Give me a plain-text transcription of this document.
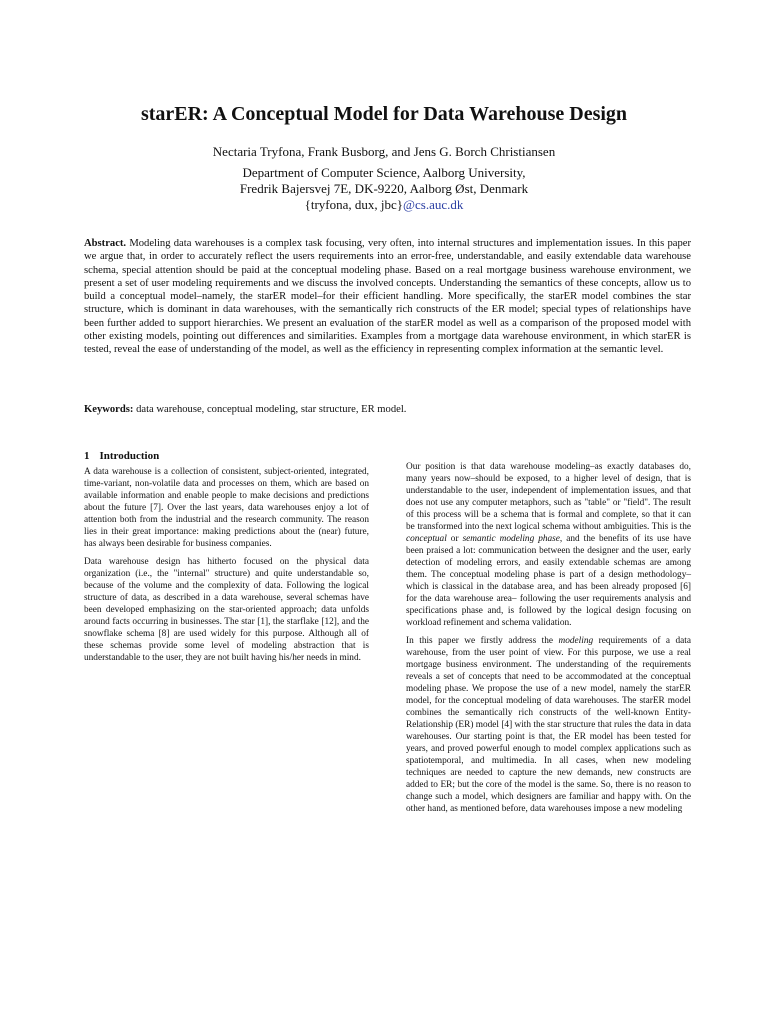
starER: A Conceptual Model for Data Warehouse Design
Nectaria Tryfona, Frank Busborg, and Jens G. Borch Christiansen
Department of Computer Science, Aalborg University,
Fredrik Bajersvej 7E, DK-9220, Aalborg Øst, Denmark
{tryfona, dux, jbc}@cs.auc.dk
Abstract. Modeling data warehouses is a complex task focusing, very often, into internal structures and implementation issues. In this paper we argue that, in order to accurately reflect the users requirements into an error-free, understandable, and easily extendable data warehouse schema, special attention should be paid at the conceptual modeling phase. Based on a real mortgage business warehouse environment, we present a set of user modeling requirements and we discuss the involved concepts. Understanding the semantics of these concepts, allow us to build a conceptual model–namely, the starER model–for their efficient handling. More specifically, the starER model combines the star structure, which is dominant in data warehouses, with the semantically rich constructs of the ER model; special types of relationships have been further added to support hierarchies. We present an evaluation of the starER model as well as a comparison of the proposed model with other existing models, pointing out differences and similarities. Examples from a mortgage data warehouse environment, in which starER is tested, reveal the ease of understanding of the model, as well as the efficiency in representing complex information at the semantic level.
Keywords: data warehouse, conceptual modeling, star structure, ER model.
1 Introduction

A data warehouse is a collection of consistent, subject-oriented, integrated, time-variant, non-volatile data and processes on them, which are based on available information and enable people to make decisions and predictions about the future [7]. Over the last years, data warehouses enjoy a lot of attention both from the industrial and the research community. The reason lies in their great importance: making predictions about the (near) future, has always been desirable for business companies.

Data warehouse design has hitherto focused on the physical data organization (i.e., the "internal" structure) and quite understandable so, because of the volume and the complexity of data. Following the logical structure of data, as described in a data warehouse, several schemas have been developed emphasizing on the star-oriented approach; data unfolds around facts occurring in businesses. The star [1], the starflake [12], and the snowflake schema [8] are used widely for this purpose. Although all of these schemas provide some level of modeling abstraction that is understandable to the user, they are not built having his/her needs in mind.

Our position is that data warehouse modeling–as exactly databases do, many years now–should be exposed, to a higher level of design, that is understandable to the user, independent of implementation issues, and that does not use any computer metaphors, such as "table" or "field". The result of this process will be a schema that is formal and complete, so that it can be transformed into the next logical schema without ambiguities. This is the conceptual or semantic modeling phase, and the benefits of its use have been praised a lot: communication between the designer and the user, early detection of modeling errors, and easily extendable schemas are among them. The conceptual modeling phase is part of a design methodology–which is classical in the database area, and has been already proposed [6] for the data warehouse area– following the user requirements analysis and specifications phase and, is followed by the logical design focusing on workload refinement and schema validation.

In this paper we firstly address the modeling requirements of a data warehouse, from the user point of view. For this purpose, we use a real mortgage business environment. The understanding of the requirements reveals a set of concepts that need to be accommodated at the conceptual modeling phase. We propose the use of a new model, namely the starER model, for the conceptual modeling of data warehouses. The starER model combines the semantically rich constructs of the well-known Entity-Relationship (ER) model [4] with the star structure that rules the data in data warehouses. Our starting point is that, the ER model has been tested for years, and proved powerful enough to model complex applications such as spatiotemporal, and multimedia. In all cases, when new modeling techniques are needed to capture the new demands, new constructs are added to ER; but the core of the model is the same. So, there is no reason to change such a model, which designers are familiar and happy with. On the other hand, as mentioned before, data warehouses impose a new modeling
